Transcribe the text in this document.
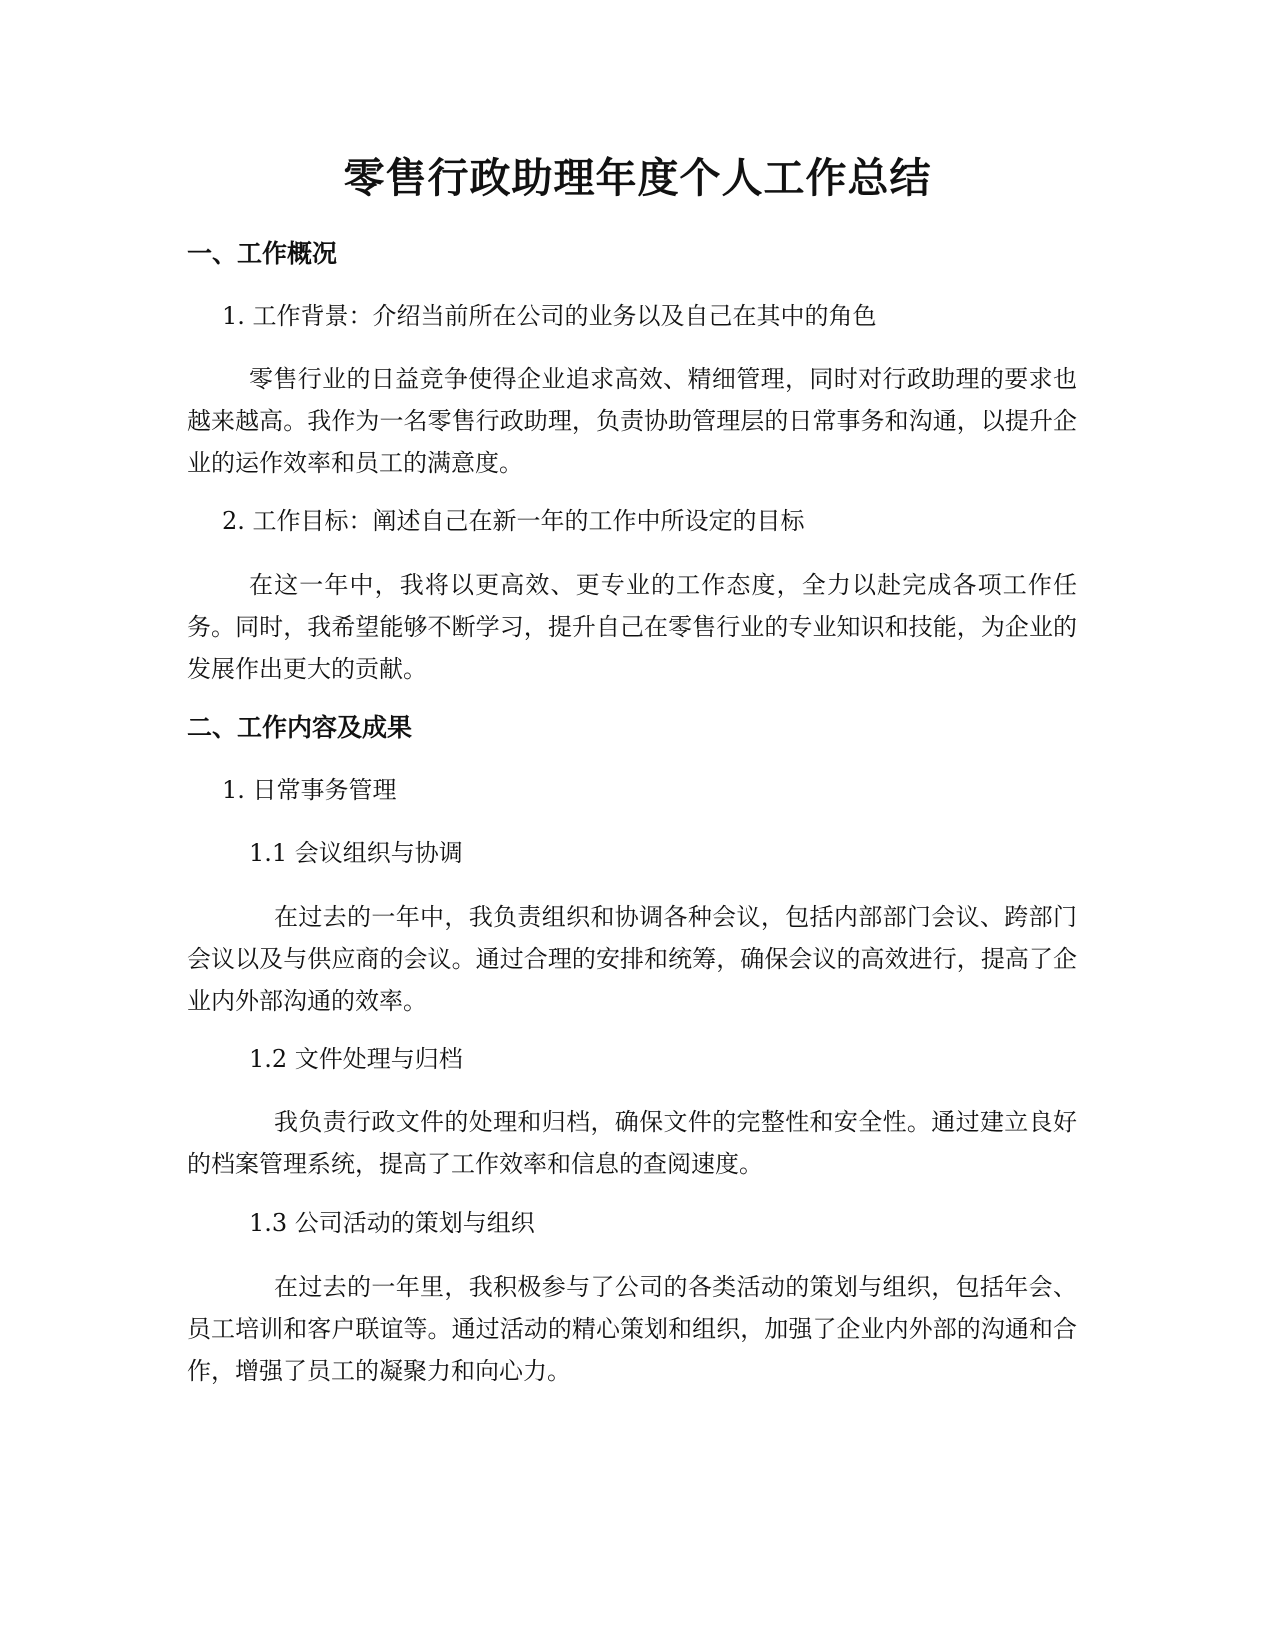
零售行政助理年度个人工作总结
一、工作概况

1. 工作背景：介绍当前所在公司的业务以及自己在其中的角色

零售行业的日益竞争使得企业追求高效、精细管理，同时对行政助理的要求也越来越高。我作为一名零售行政助理，负责协助管理层的日常事务和沟通，以提升企业的运作效率和员工的满意度。

2. 工作目标：阐述自己在新一年的工作中所设定的目标

在这一年中，我将以更高效、更专业的工作态度，全力以赴完成各项工作任务。同时，我希望能够不断学习，提升自己在零售行业的专业知识和技能，为企业的发展作出更大的贡献。

二、工作内容及成果

1. 日常事务管理

1.1 会议组织与协调

在过去的一年中，我负责组织和协调各种会议，包括内部部门会议、跨部门会议以及与供应商的会议。通过合理的安排和统筹，确保会议的高效进行，提高了企业内外部沟通的效率。

1.2 文件处理与归档

我负责行政文件的处理和归档，确保文件的完整性和安全性。通过建立良好的档案管理系统，提高了工作效率和信息的查阅速度。

1.3 公司活动的策划与组织

在过去的一年里，我积极参与了公司的各类活动的策划与组织，包括年会、员工培训和客户联谊等。通过活动的精心策划和组织，加强了企业内外部的沟通和合作，增强了员工的凝聚力和向心力。
